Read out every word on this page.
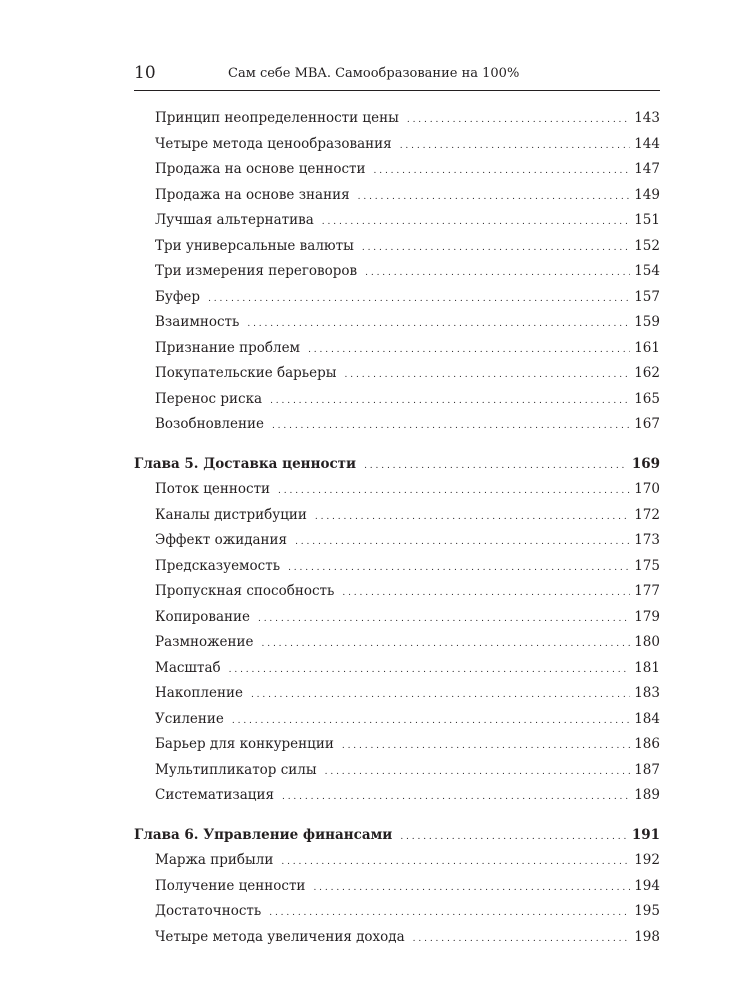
10	Сам себе MBA. Самообразование на 100%
Принцип неопределенности цены . . .	143
Четыре метода ценообразования . . .	144
Продажа на основе ценности . . .	147
Продажа на основе знания . . .	149
Лучшая альтернатива . . .	151
Три универсальные валюты . . .	152
Три измерения переговоров . . .	154
Буфер . . .	157
Взаимность . . .	159
Признание проблем . . .	161
Покупательские барьеры . . .	162
Перенос риска . . .	165
Возобновление . . .	167
Глава 5. Доставка ценности . . .	169
Поток ценности . . .	170
Каналы дистрибуции . . .	172
Эффект ожидания . . .	173
Предсказуемость . . .	175
Пропускная способность . . .	177
Копирование . . .	179
Размножение . . .	180
Масштаб . . .	181
Накопление . . .	183
Усиление . . .	184
Барьер для конкуренции . . .	186
Мультипликатор силы . . .	187
Систематизация . . .	189
Глава 6. Управление финансами . . .	191
Маржа прибыли . . .	192
Получение ценности . . .	194
Достаточность . . .	195
Четыре метода увеличения дохода . . .	198
